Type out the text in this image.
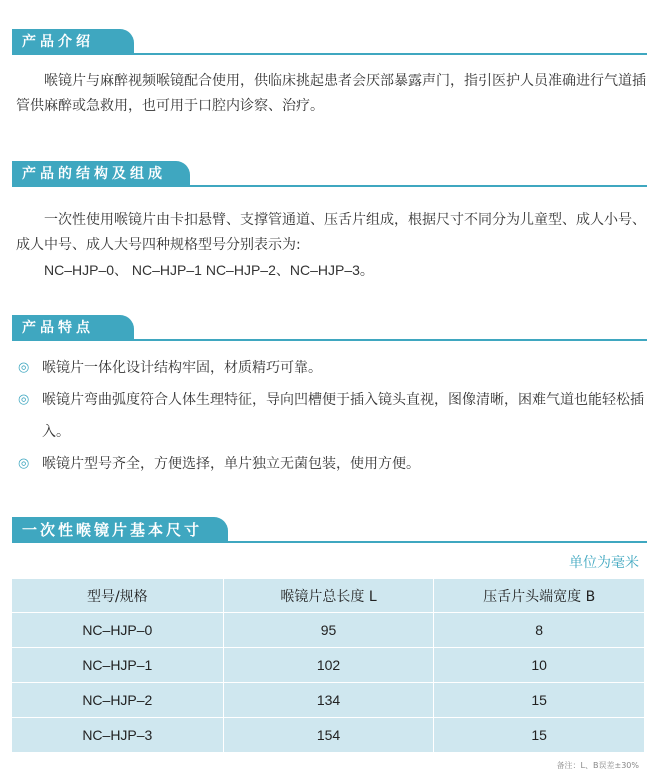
产品介绍

喉镜片与麻醉视频喉镜配合使用，供临床挑起患者会厌部暴露声门，指引医护人员准确进行气道插管供麻醉或急救用，也可用于口腔内诊察、治疗。

产品的结构及组成

一次性使用喉镜片由卡扣悬臂、支撑管通道、压舌片组成，根据尺寸不同分为儿童型、成人小号、成人中号、成人大号四种规格型号分别表示为:

NC–HJP–0、 NC–HJP–1 NC–HJP–2、NC–HJP–3。

产品特点
◎ 喉镜片一体化设计结构牢固，材质精巧可靠。
◎ 喉镜片弯曲弧度符合人体生理特征，导向凹槽便于插入镜头直视，图像清晰，困难气道也能轻松插入。
◎ 喉镜片型号齐全，方便选择，单片独立无菌包装，使用方便。
一次性喉镜片基本尺寸
单位为毫米
型号/规格	喉镜片总长度 L	压舌片头端宽度 B
NC–HJP–0	95	8
NC–HJP–1	102	10
NC–HJP–2	134	15
NC–HJP–3	154	15
备注：L、B误差±30%
